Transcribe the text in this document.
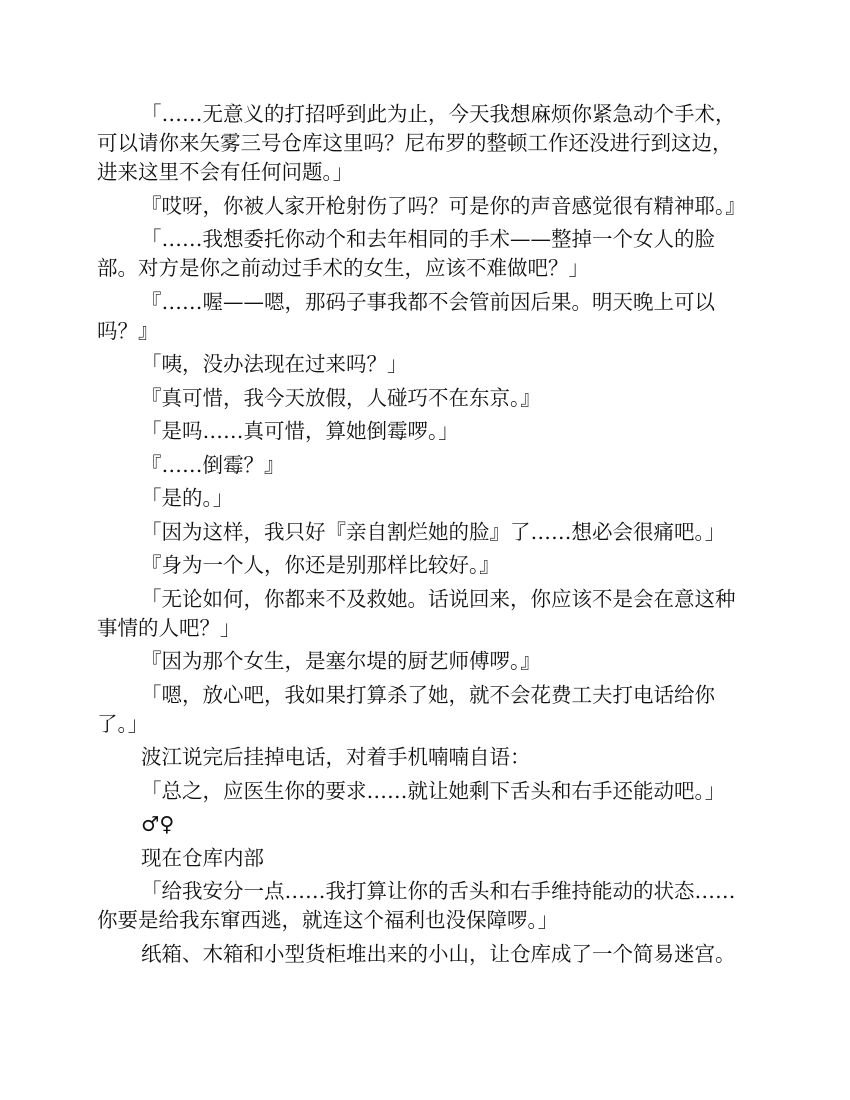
「……无意义的打招呼到此为止，今天我想麻烦你紧急动个手术，可以请你来矢雾三号仓库这里吗？尼布罗的整顿工作还没进行到这边，进来这里不会有任何问题。」

『哎呀，你被人家开枪射伤了吗？可是你的声音感觉很有精神耶。』

「……我想委托你动个和去年相同的手术——整掉一个女人的脸部。对方是你之前动过手术的女生，应该不难做吧？」

『……喔——嗯，那码子事我都不会管前因后果。明天晚上可以吗？』

「咦，没办法现在过来吗？」

『真可惜，我今天放假，人碰巧不在东京。』

「是吗……真可惜，算她倒霉啰。」

『……倒霉？』

「是的。」

「因为这样，我只好『亲自割烂她的脸』了……想必会很痛吧。」

『身为一个人，你还是别那样比较好。』

「无论如何，你都来不及救她。话说回来，你应该不是会在意这种事情的人吧？」

『因为那个女生，是塞尔堤的厨艺师傅啰。』

「嗯，放心吧，我如果打算杀了她，就不会花费工夫打电话给你了。」

波江说完后挂掉电话，对着手机喃喃自语：

「总之，应医生你的要求……就让她剩下舌头和右手还能动吧。」

♂♀

现在仓库内部

「给我安分一点……我打算让你的舌头和右手维持能动的状态……你要是给我东窜西逃，就连这个福利也没保障啰。」

纸箱、木箱和小型货柜堆出来的小山，让仓库成了一个简易迷宫。
